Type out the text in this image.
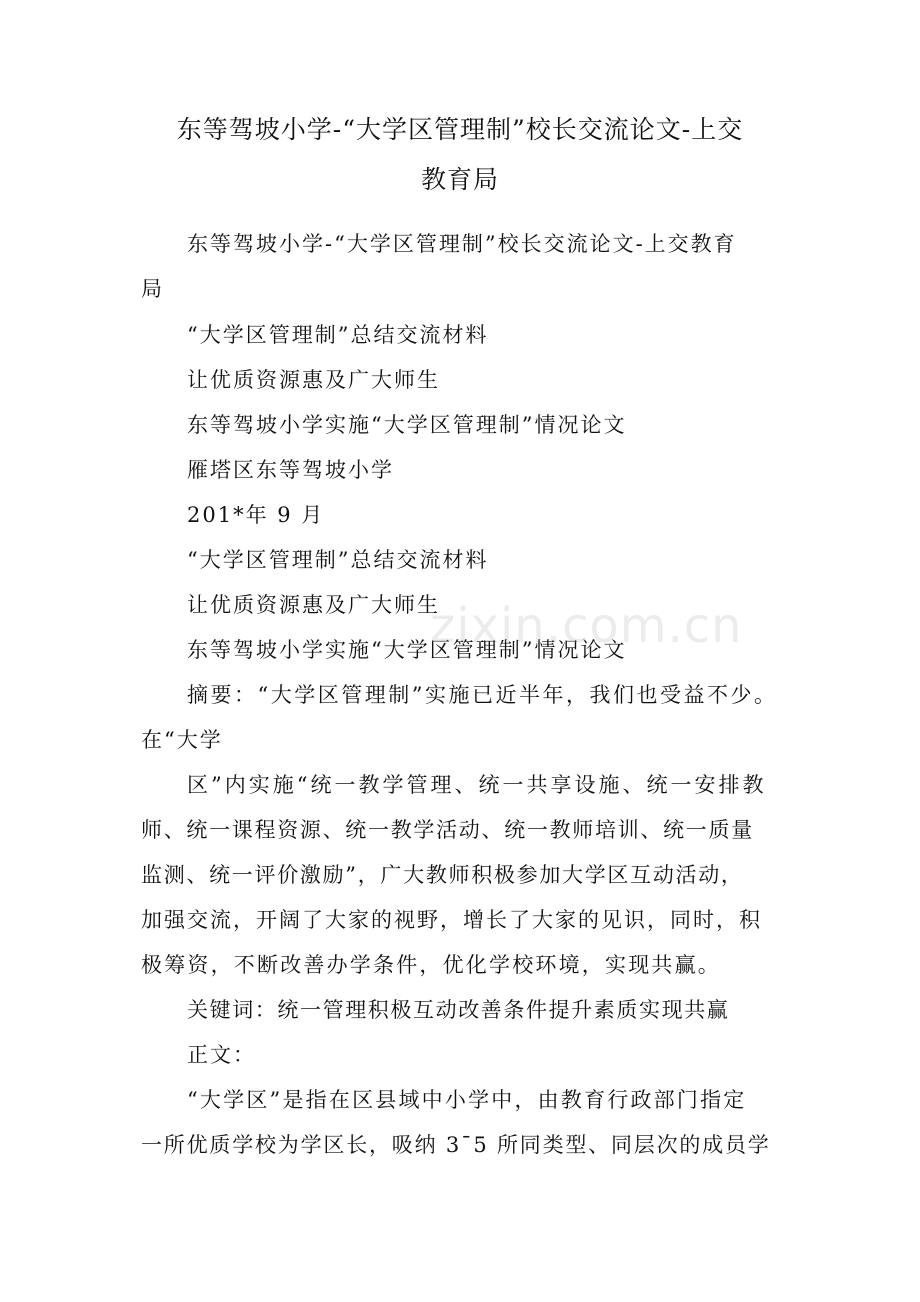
东等驾坡小学-“大学区管理制”校长交流论文-上交
教育局
东等驾坡小学-“大学区管理制”校长交流论文-上交教育
局
“大学区管理制”总结交流材料
让优质资源惠及广大师生
东等驾坡小学实施“大学区管理制”情况论文
雁塔区东等驾坡小学
201*年 9 月
“大学区管理制”总结交流材料
让优质资源惠及广大师生
东等驾坡小学实施“大学区管理制”情况论文
摘要：“大学区管理制”实施已近半年，我们也受益不少。
在“大学
区”内实施“统一教学管理、统一共享设施、统一安排教
师、统一课程资源、统一教学活动、统一教师培训、统一质量
监测、统一评价激励”，广大教师积极参加大学区互动活动，
加强交流，开阔了大家的视野，增长了大家的见识，同时，积
极筹资，不断改善办学条件，优化学校环境，实现共赢。
关键词：统一管理积极互动改善条件提升素质实现共赢
正文：
“大学区”是指在区县域中小学中，由教育行政部门指定
一所优质学校为学区长，吸纳 3¯5 所同类型、同层次的成员学
zixin.com.cn
